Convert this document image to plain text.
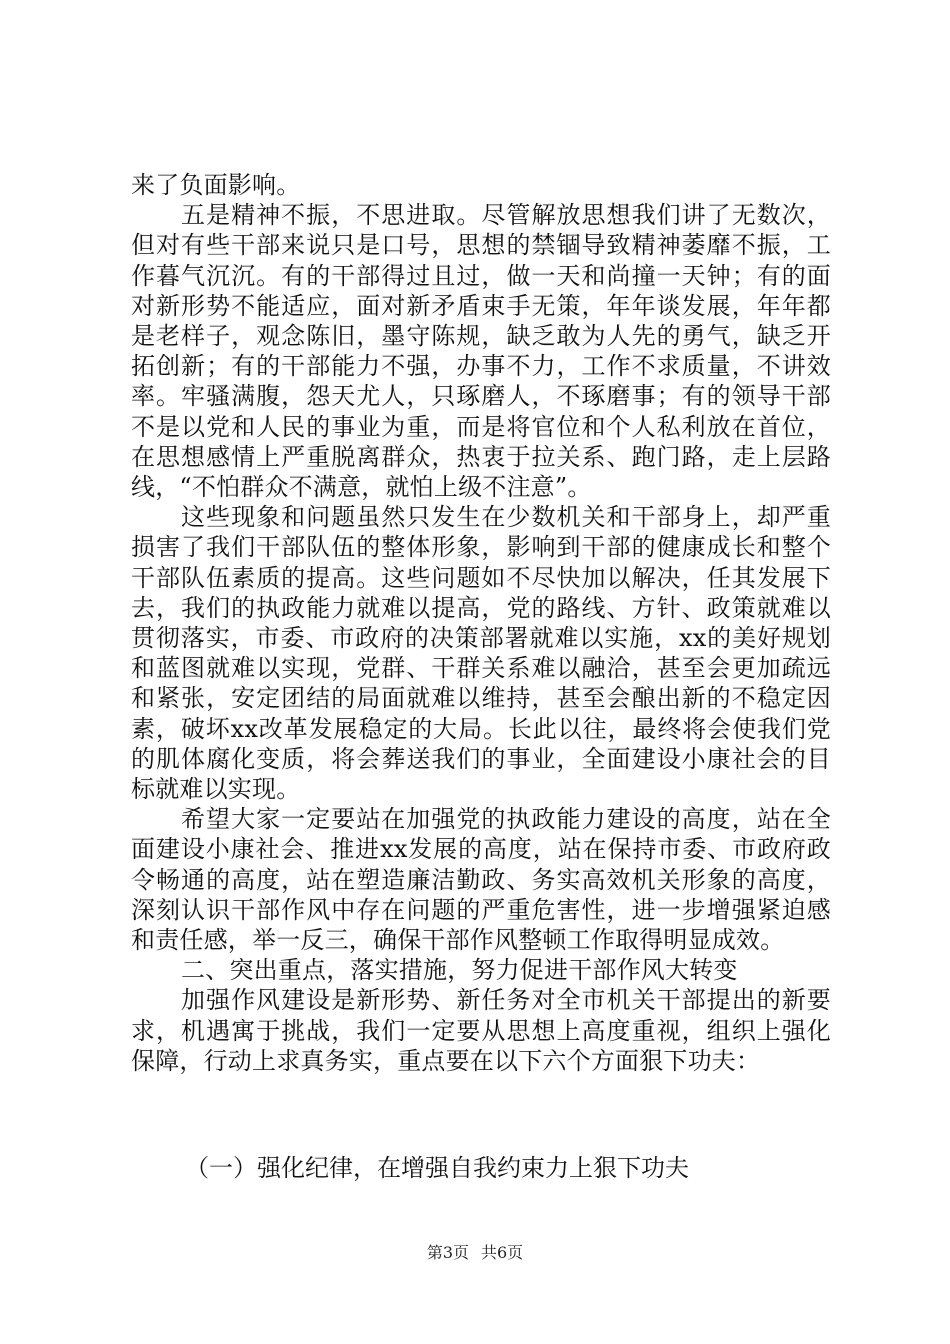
来了负面影响。

五是精神不振，不思进取。尽管解放思想我们讲了无数次，但对有些干部来说只是口号，思想的禁锢导致精神萎靡不振，工作暮气沉沉。有的干部得过且过，做一天和尚撞一天钟；有的面对新形势不能适应，面对新矛盾束手无策，年年谈发展，年年都是老样子，观念陈旧，墨守陈规，缺乏敢为人先的勇气，缺乏开拓创新；有的干部能力不强，办事不力，工作不求质量，不讲效率。牢骚满腹，怨天尤人，只琢磨人，不琢磨事；有的领导干部不是以党和人民的事业为重，而是将官位和个人私利放在首位，在思想感情上严重脱离群众，热衷于拉关系、跑门路，走上层路线，“不怕群众不满意，就怕上级不注意”。

这些现象和问题虽然只发生在少数机关和干部身上，却严重损害了我们干部队伍的整体形象，影响到干部的健康成长和整个干部队伍素质的提高。这些问题如不尽快加以解决，任其发展下去，我们的执政能力就难以提高，党的路线、方针、政策就难以贯彻落实，市委、市政府的决策部署就难以实施，xx的美好规划和蓝图就难以实现，党群、干群关系难以融洽，甚至会更加疏远和紧张，安定团结的局面就难以维持，甚至会酿出新的不稳定因素，破坏xx改革发展稳定的大局。长此以往，最终将会使我们党的肌体腐化变质，将会葬送我们的事业，全面建设小康社会的目标就难以实现。

希望大家一定要站在加强党的执政能力建设的高度，站在全面建设小康社会、推进xx发展的高度，站在保持市委、市政府政令畅通的高度，站在塑造廉洁勤政、务实高效机关形象的高度，深刻认识干部作风中存在问题的严重危害性，进一步增强紧迫感和责任感，举一反三，确保干部作风整顿工作取得明显成效。

二、突出重点，落实措施，努力促进干部作风大转变

加强作风建设是新形势、新任务对全市机关干部提出的新要求，机遇寓于挑战，我们一定要从思想上高度重视，组织上强化保障，行动上求真务实，重点要在以下六个方面狠下功夫：

（一）强化纪律，在增强自我约束力上狠下功夫

第3页 共6页
